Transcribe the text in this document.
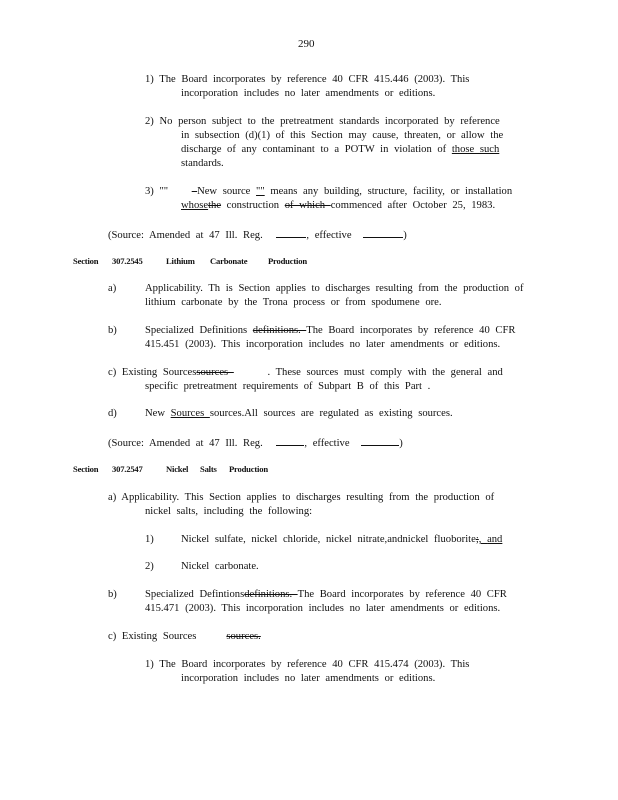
290
1) The Board incorporates by reference 40 CFR 415.446 (2003). This
incorporation includes no later amendments or editions.
2) No person subject to the pretreatment standards incorporated by reference
in subsection (d)(1) of this Section may cause, threaten, or allow the
discharge of any contaminant to a POTW in violation of those such
standards.
3) "" –New source "" means any building, structure, facility, or installation
whosethe construction of which commenced after October 25, 1983.
(Source: Amended at 47 Ill. Reg.	, effective	)
Section 307.2545	Lithium Carbonate Production
a)	Applicability. Th is Section applies to discharges resulting from the production of
lithium carbonate by the Trona process or from spodumene ore.
b)	Specialized Definitions definitions. The Board incorporates by reference 40 CFR
415.451 (2003). This incorporation includes no later amendments or editions.
c) Existing Sourcessources	. These sources must comply with the general and
specific pretreatment requirements of Subpart B of this Part .
d)	New Sources sources.All sources are regulated as existing sources.
(Source: Amended at 47 Ill. Reg.	, effective	)
Section 307.2547	Nickel Salts Production
a) Applicability. This Section applies to discharges resulting from the production of
nickel salts, including the following:
1)	Nickel sulfate, nickel chloride, nickel nitrate,andnickel fluoborite;, and
2)	Nickel carbonate.
b)	Specialized Defintionsdefinitions. The Board incorporates by reference 40 CFR
415.471 (2003). This incorporation includes no later amendments or editions.
c) Existing Sources	sources.
1) The Board incorporates by reference 40 CFR 415.474 (2003). This
incorporation includes no later amendments or editions.
